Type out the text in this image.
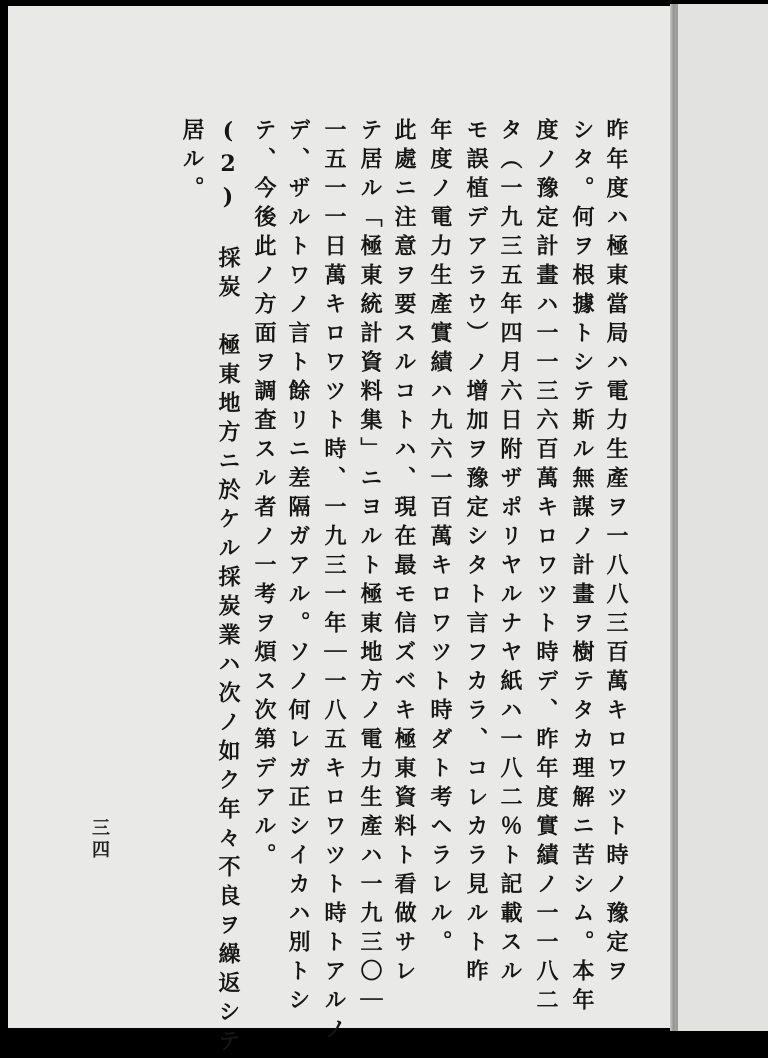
昨年度ハ極東當局ハ電力生產ヲ一八八三百萬キロワツト時ノ豫定ヲ
シタ。何ヲ根據トシテ斯ル無謀ノ計畫ヲ樹テタカ理解ニ苦シム。本年
度ノ豫定計畫ハ一一三六百萬キロワツト時デ、昨年度實績ノ一一八二
タ（一九三五年四月六日附ザポリヤルナヤ紙ハ一八二％ト記載スル
モ誤植デアラウ）ノ增加ヲ豫定シタト言フカラ、コレカラ見ルト昨
年度ノ電力生產實績ハ九六一百萬キロワツト時ダト考ヘラレル。
此處ニ注意ヲ要スルコトハ、現在最モ信ズベキ極東資料ト看做サレ
テ居ル「極東統計資料集」ニヨルト極東地方ノ電力生產ハ一九三〇｜
一五一一日萬キロワツト時、一九三一年｜一八五キロワツト時トアルノ
デ、ザルトワノ言ト餘リニ差隔ガアル。ソノ何レガ正シイカハ別トシ
テ、今後此ノ方面ヲ調査スル者ノ一考ヲ煩ス次第デアル。
(2)　採炭　極東地方ニ於ケル採炭業ハ次ノ如ク年々不良ヲ繰返シテ
居ル。
三四
